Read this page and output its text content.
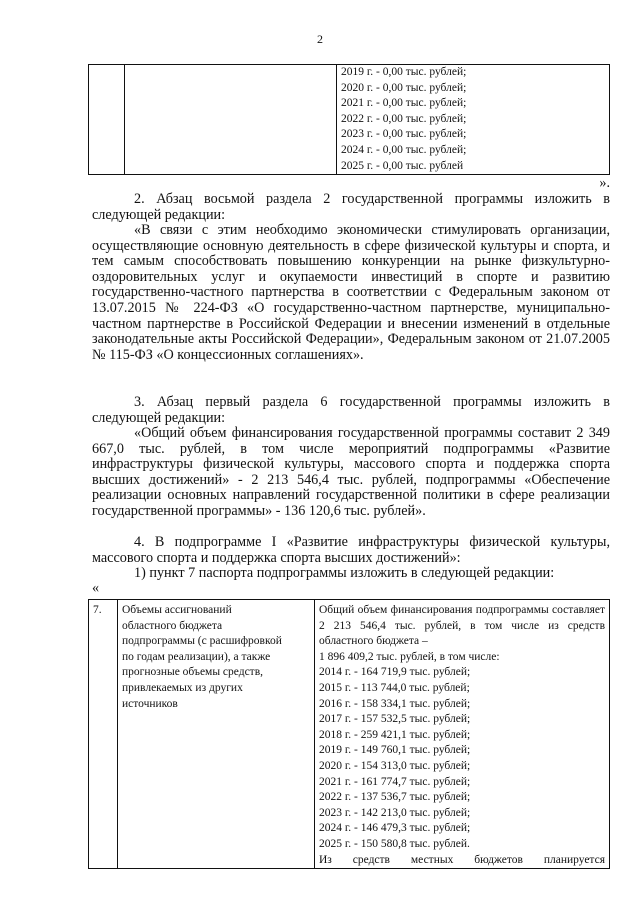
2

2019 г. - 0,00 тыс. рублей;
2020 г. - 0,00 тыс. рублей;
2021 г. - 0,00 тыс. рублей;
2022 г. - 0,00 тыс. рублей;
2023 г. - 0,00 тыс. рублей;
2024 г. - 0,00 тыс. рублей;
2025 г. - 0,00 тыс. рублей
».
2. Абзац восьмой раздела 2 государственной программы изложить в следующей редакции:
«В связи с этим необходимо экономически стимулировать организации, осуществляющие основную деятельность в сфере физической культуры и спорта, и тем самым способствовать повышению конкуренции на рынке физкультурно-оздоровительных услуг и окупаемости инвестиций в спорте и развитию государственно-частного партнерства в соответствии с Федеральным законом от 13.07.2015 № 224-ФЗ «О государственно-частном партнерстве, муниципально-частном партнерстве в Российской Федерации и внесении изменений в отдельные законодательные акты Российской Федерации», Федеральным законом от 21.07.2005 № 115-ФЗ «О концессионных соглашениях».
3. Абзац первый раздела 6 государственной программы изложить в следующей редакции:
«Общий объем финансирования государственной программы составит 2 349 667,0 тыс. рублей, в том числе мероприятий подпрограммы «Развитие инфраструктуры физической культуры, массового спорта и поддержка спорта высших достижений» - 2 213 546,4 тыс. рублей, подпрограммы «Обеспечение реализации основных направлений государственной политики в сфере реализации государственной программы» - 136 120,6 тыс. рублей».
4. В подпрограмме I «Развитие инфраструктуры физической культуры, массового спорта и поддержка спорта высших достижений»:
1) пункт 7 паспорта подпрограммы изложить в следующей редакции:
«
7.	Объемы ассигнований
областного бюджета
подпрограммы (с расшифровкой
по годам реализации), а также
прогнозные объемы средств,
привлекаемых из других
источников

Общий объем финансирования подпрограммы составляет 2 213 546,4 тыс. рублей, в том числе из средств областного бюджета –
1 896 409,2 тыс. рублей, в том числе:
2014 г. - 164 719,9 тыс. рублей;
2015 г. - 113 744,0 тыс. рублей;
2016 г. - 158 334,1 тыс. рублей;
2017 г. - 157 532,5 тыс. рублей;
2018 г. - 259 421,1 тыс. рублей;
2019 г. - 149 760,1 тыс. рублей;
2020 г. - 154 313,0 тыс. рублей;
2021 г. - 161 774,7 тыс. рублей;
2022 г. - 137 536,7 тыс. рублей;
2023 г. - 142 213,0 тыс. рублей;
2024 г. - 146 479,3 тыс. рублей;
2025 г. - 150 580,8 тыс. рублей.
Из средств местных бюджетов планируется
